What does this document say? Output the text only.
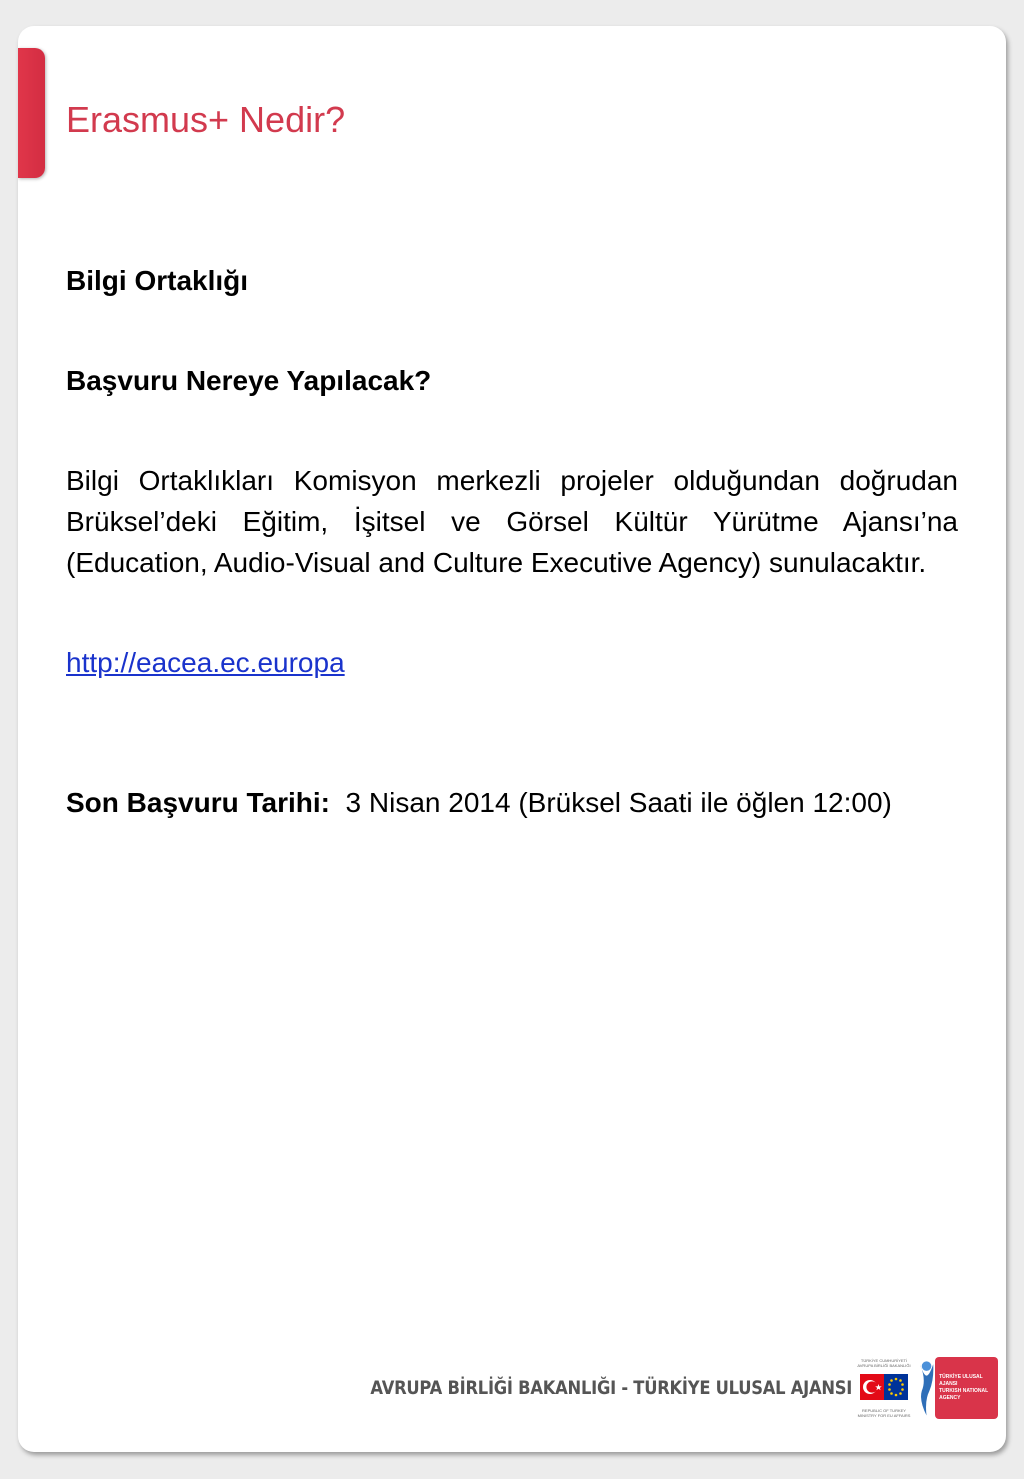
Erasmus+ Nedir?

Bilgi Ortaklığı

Başvuru Nereye Yapılacak?

Bilgi Ortaklıkları Komisyon merkezli projeler olduğundan doğrudan Brüksel’deki Eğitim, İşitsel ve Görsel Kültür Yürütme Ajansı’na (Education, Audio-Visual and Culture Executive Agency) sunulacaktır.

http://eacea.ec.europa

Son Başvuru Tarihi: 3 Nisan 2014 (Brüksel Saati ile öğlen 12:00)

AVRUPA BİRLİĞİ BAKANLIĞI - TÜRKİYE ULUSAL AJANSI
TÜRKİYE CUMHURİYETİ AVRUPA BİRLİĞİ BAKANLIĞI
REPUBLIC OF TURKEY MINISTRY FOR EU AFFAIRS
TÜRKİYE ULUSAL AJANSI
TURKISH NATIONAL AGENCY
